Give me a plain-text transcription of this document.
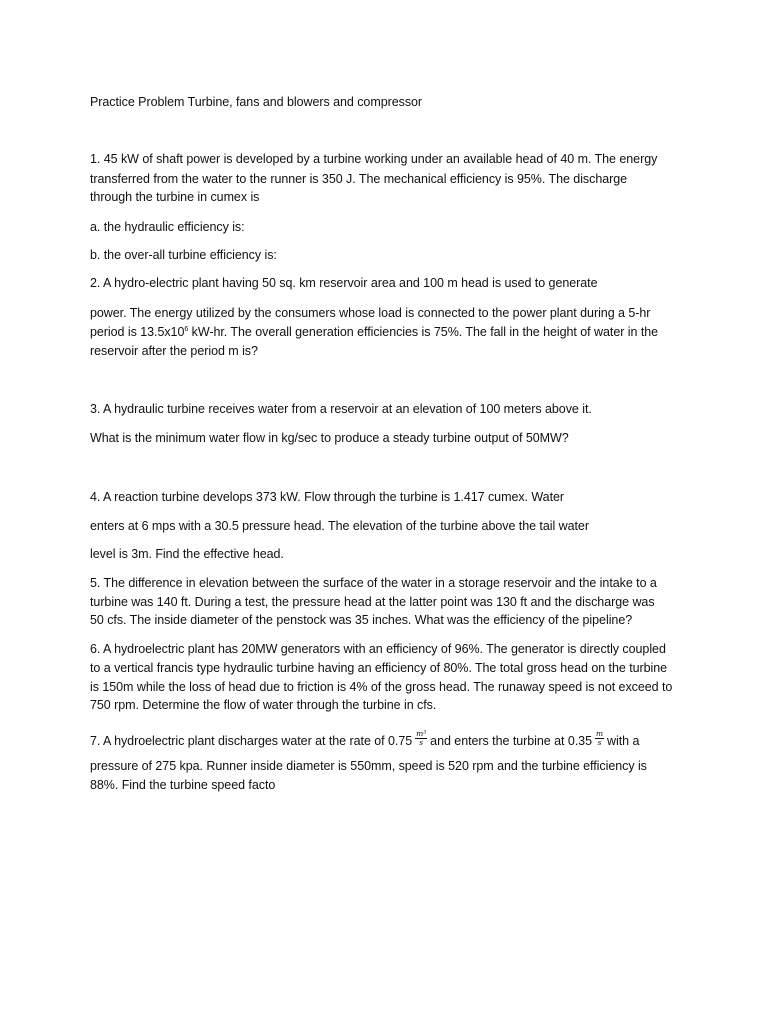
Practice Problem Turbine, fans and blowers and compressor
1. 45 kW of shaft power is developed by a turbine working under an available head of 40 m. The energy
transferred from the water to the runner is 350 J. The mechanical efficiency is 95%. The discharge
through the turbine in cumex is
a. the hydraulic efficiency is:
b. the over-all turbine efficiency is:
2. A hydro-electric plant having 50 sq. km reservoir area and 100 m head is used to generate
power. The energy utilized by the consumers whose load is connected to the power plant during a 5-hr
period is $13.5x10^6$ kW-hr. The overall generation efficiencies is 75%. The fall in the height of water in the
reservoir after the period m is?
3. A hydraulic turbine receives water from a reservoir at an elevation of 100 meters above it.
What is the minimum water flow in kg/sec to produce a steady turbine output of 50MW?
4. A reaction turbine develops 373 kW. Flow through the turbine is 1.417 cumex. Water
enters at 6 mps with a 30.5 pressure head. The elevation of the turbine above the tail water
level is 3m. Find the effective head.
5. The difference in elevation between the surface of the water in a storage reservoir and the intake to a
turbine was 140 ft. During a test, the pressure head at the latter point was 130 ft and the discharge was
50 cfs. The inside diameter of the penstock was 35 inches. What was the efficiency of the pipeline?
6. A hydroelectric plant has 20MW generators with an efficiency of 96%. The generator is directly coupled
to a vertical francis type hydraulic turbine having an efficiency of 80%. The total gross head on the turbine
is 150m while the loss of head due to friction is 4% of the gross head. The runaway speed is not exceed to
750 rpm. Determine the flow of water through the turbine in cfs.
7. A hydroelectric plant discharges water at the rate of $0.75 \frac{\text{m³}}{s}$ and enters the turbine at $0.35 \frac{m}{s}$ with a
pressure of 275 kpa. Runner inside diameter is 550mm, speed is 520 rpm and the turbine efficiency is
88%. Find the turbine speed facto
